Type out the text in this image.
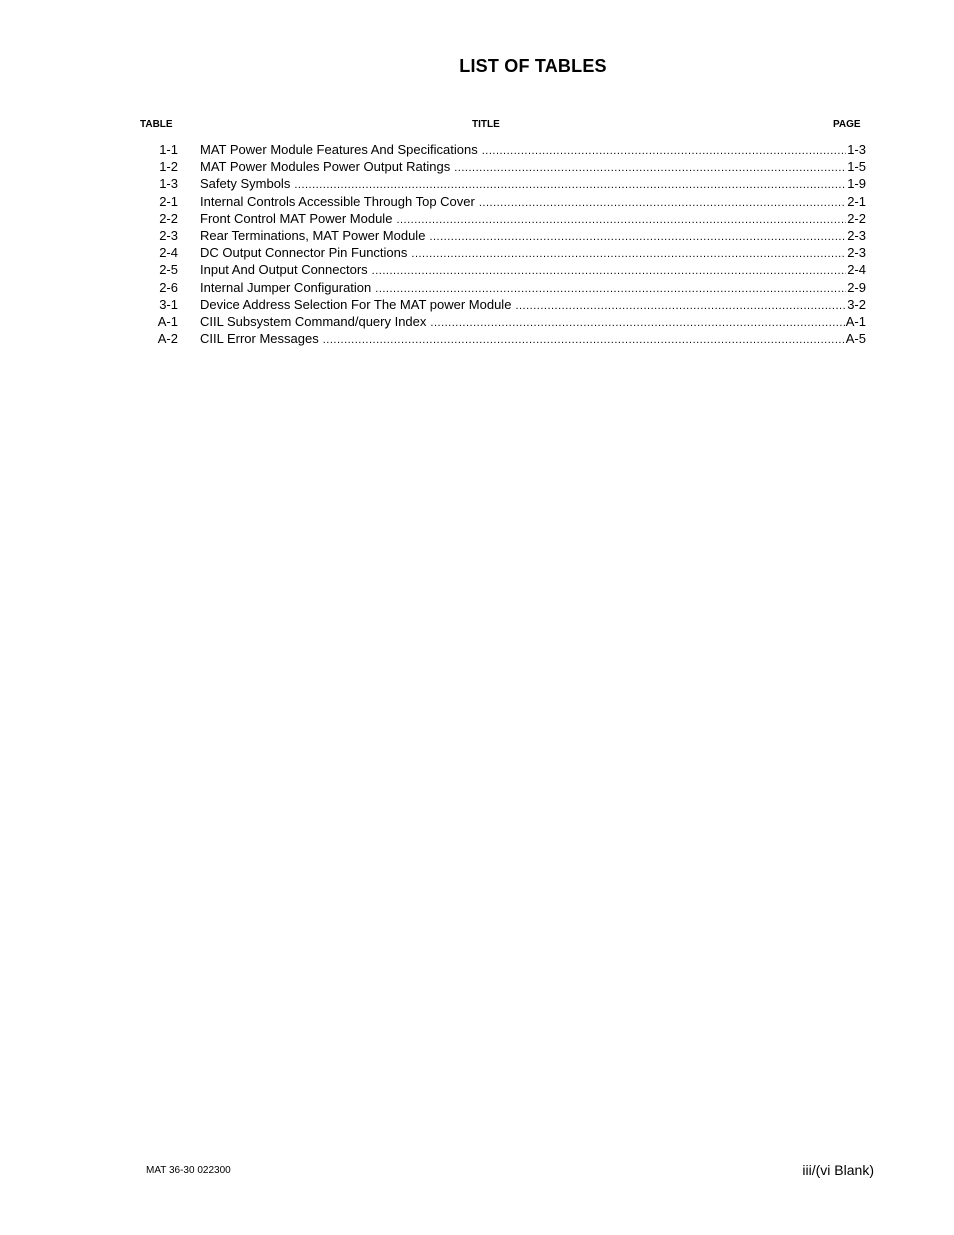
LIST OF TABLES
TABLE	TITLE	PAGE
1-1 MAT Power Module Features And Specifications .....	1-3
1-2 MAT Power Modules Power Output Ratings .....	1-5
1-3 Safety Symbols .....	1-9
2-1 Internal Controls Accessible Through Top Cover .....	2-1
2-2 Front Control MAT Power Module .....	2-2
2-3 Rear Terminations, MAT Power Module .....	2-3
2-4 DC Output Connector Pin Functions .....	2-3
2-5 Input And Output Connectors .....	2-4
2-6 Internal Jumper Configuration .....	2-9
3-1 Device Address Selection For The MAT power Module .....	3-2
A-1 CIIL Subsystem Command/query Index .....	A-1
A-2 CIIL Error Messages .....	A-5
MAT 36-30 022300	iii/(vi Blank)
